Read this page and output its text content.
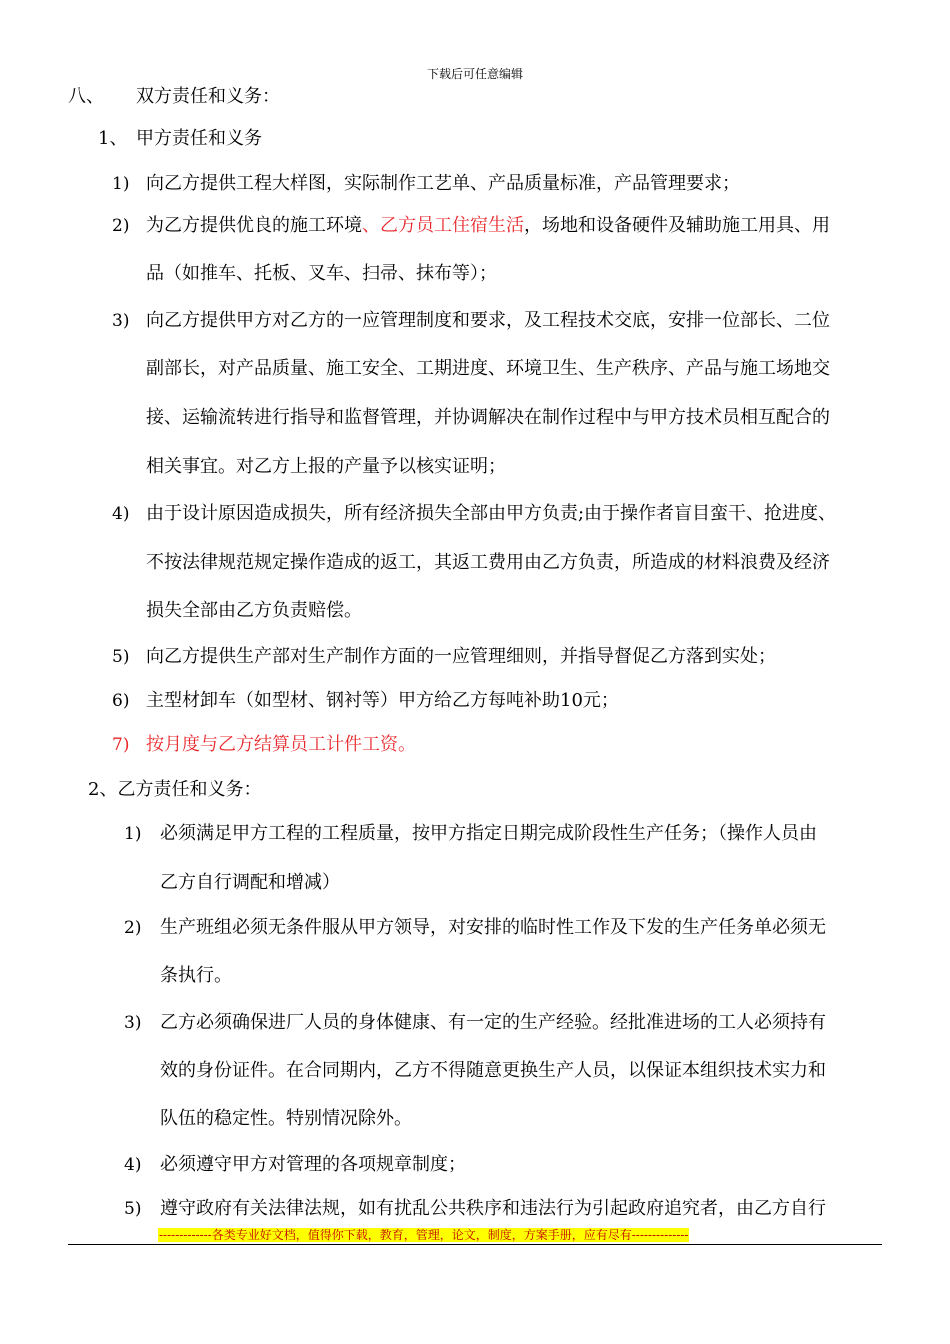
下载后可任意编辑
八、 双方责任和义务：
1、 甲方责任和义务
1) 向乙方提供工程大样图，实际制作工艺单、产品质量标准，产品管理要求；
2) 为乙方提供优良的施工环境、乙方员工住宿生活，场地和设备硬件及辅助施工用具、用
品（如推车、托板、叉车、扫帚、抹布等）；
3) 向乙方提供甲方对乙方的一应管理制度和要求，及工程技术交底，安排一位部长、二位
副部长，对产品质量、施工安全、工期进度、环境卫生、生产秩序、产品与施工场地交
接、运输流转进行指导和监督管理，并协调解决在制作过程中与甲方技术员相互配合的
相关事宜。对乙方上报的产量予以核实证明；
4) 由于设计原因造成损失，所有经济损失全部由甲方负责;由于操作者盲目蛮干、抢进度、
不按法律规范规定操作造成的返工，其返工费用由乙方负责，所造成的材料浪费及经济
损失全部由乙方负责赔偿。
5) 向乙方提供生产部对生产制作方面的一应管理细则，并指导督促乙方落到实处；
6) 主型材卸车（如型材、钢衬等）甲方给乙方每吨补助10元；
7) 按月度与乙方结算员工计件工资。
2、乙方责任和义务：
1) 必须满足甲方工程的工程质量，按甲方指定日期完成阶段性生产任务；（操作人员由
乙方自行调配和增减）
2) 生产班组必须无条件服从甲方领导，对安排的临时性工作及下发的生产任务单必须无
条执行。
3) 乙方必须确保进厂人员的身体健康、有一定的生产经验。经批准进场的工人必须持有
效的身份证件。在合同期内，乙方不得随意更换生产人员，以保证本组织技术实力和
队伍的稳定性。特别情况除外。
4) 必须遵守甲方对管理的各项规章制度；
5) 遵守政府有关法律法规，如有扰乱公共秩序和违法行为引起政府追究者，由乙方自行
-------------各类专业好文档，值得你下载，教育，管理，论文，制度，方案手册，应有尽有--------------
